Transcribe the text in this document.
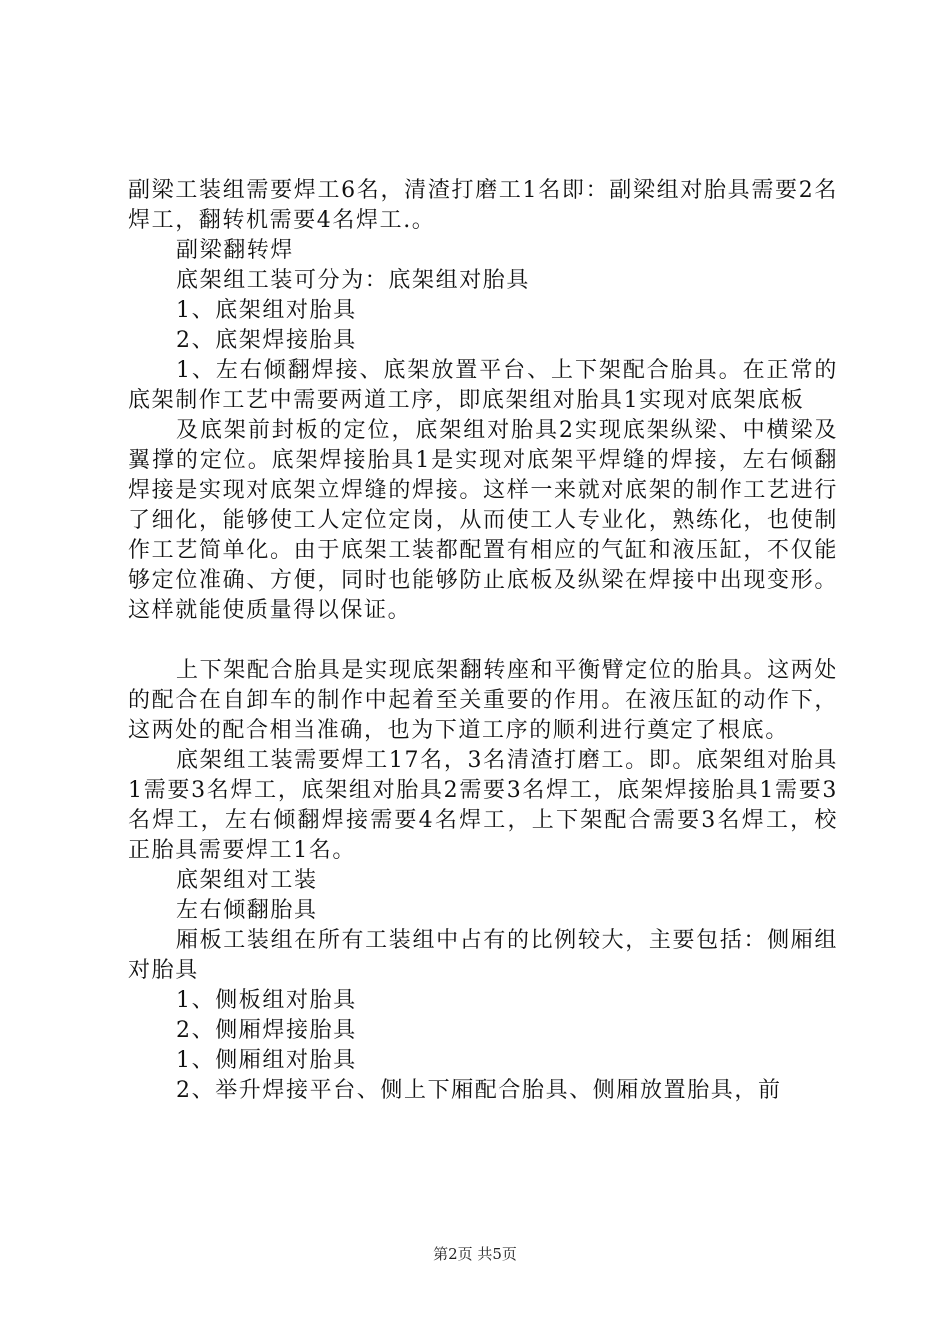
副梁工装组需要焊工6名，清渣打磨工1名即：副梁组对胎具需要2名焊工，翻转机需要4名焊工.。

副梁翻转焊

底架组工装可分为：底架组对胎具

1、底架组对胎具

2、底架焊接胎具

1、左右倾翻焊接、底架放置平台、上下架配合胎具。在正常的底架制作工艺中需要两道工序，即底架组对胎具1实现对底架底板

及底架前封板的定位，底架组对胎具2实现底架纵梁、中横梁及翼撑的定位。底架焊接胎具1是实现对底架平焊缝的焊接，左右倾翻焊接是实现对底架立焊缝的焊接。这样一来就对底架的制作工艺进行了细化，能够使工人定位定岗，从而使工人专业化，熟练化，也使制作工艺简单化。由于底架工装都配置有相应的气缸和液压缸，不仅能够定位准确、方便，同时也能够防止底板及纵梁在焊接中出现变形。这样就能使质量得以保证。

上下架配合胎具是实现底架翻转座和平衡臂定位的胎具。这两处的配合在自卸车的制作中起着至关重要的作用。在液压缸的动作下，这两处的配合相当准确，也为下道工序的顺利进行奠定了根底。

底架组工装需要焊工17名，3名清渣打磨工。即。底架组对胎具1需要3名焊工，底架组对胎具2需要3名焊工，底架焊接胎具1需要3名焊工，左右倾翻焊接需要4名焊工，上下架配合需要3名焊工，校正胎具需要焊工1名。

底架组对工装

左右倾翻胎具

厢板工装组在所有工装组中占有的比例较大，主要包括：侧厢组对胎具

1、侧板组对胎具

2、侧厢焊接胎具

1、侧厢组对胎具

2、举升焊接平台、侧上下厢配合胎具、侧厢放置胎具，前

第2页 共5页
